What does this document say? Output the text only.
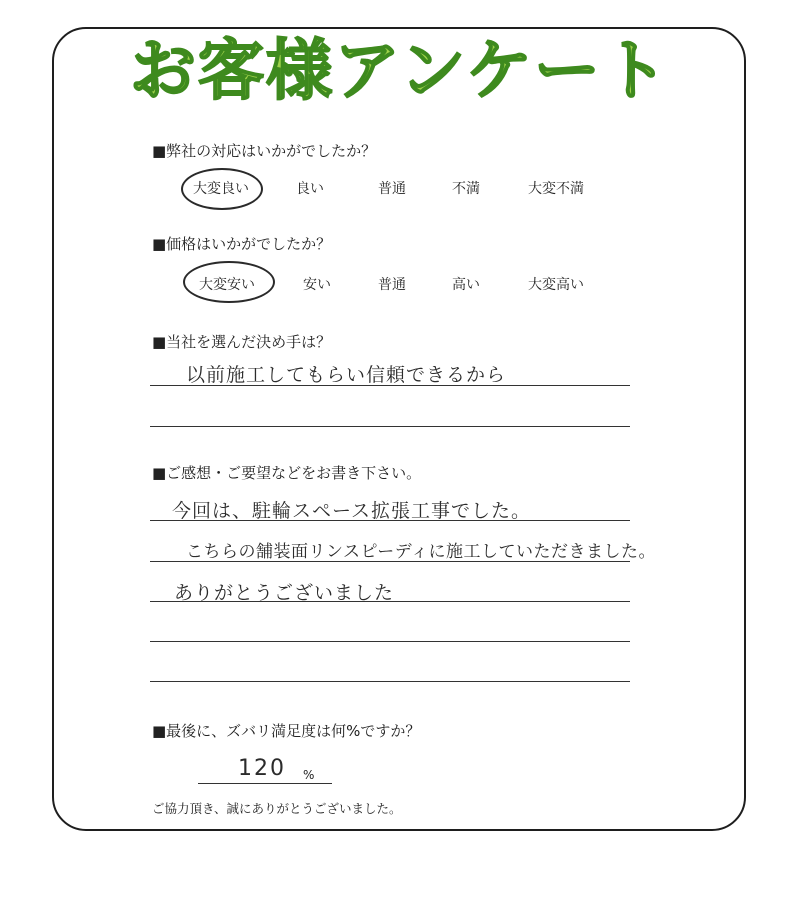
お客様アンケート
■弊社の対応はいかがでしたか？
大変良い	良い	普通	不満	大変不満
■価格はいかがでしたか？
大変安い	安い	普通	高い	大変高い
■当社を選んだ決め手は？
以前施工してもらい信頼できるから
■ご感想・ご要望などをお書き下さい。
今回は、駐輪スペース拡張工事でした。
こちらの舗装面リンスピーディに施工していただきました。
ありがとうございました
■最後に、ズバリ満足度は何%ですか？
120 %
ご協力頂き、誠にありがとうございました。
